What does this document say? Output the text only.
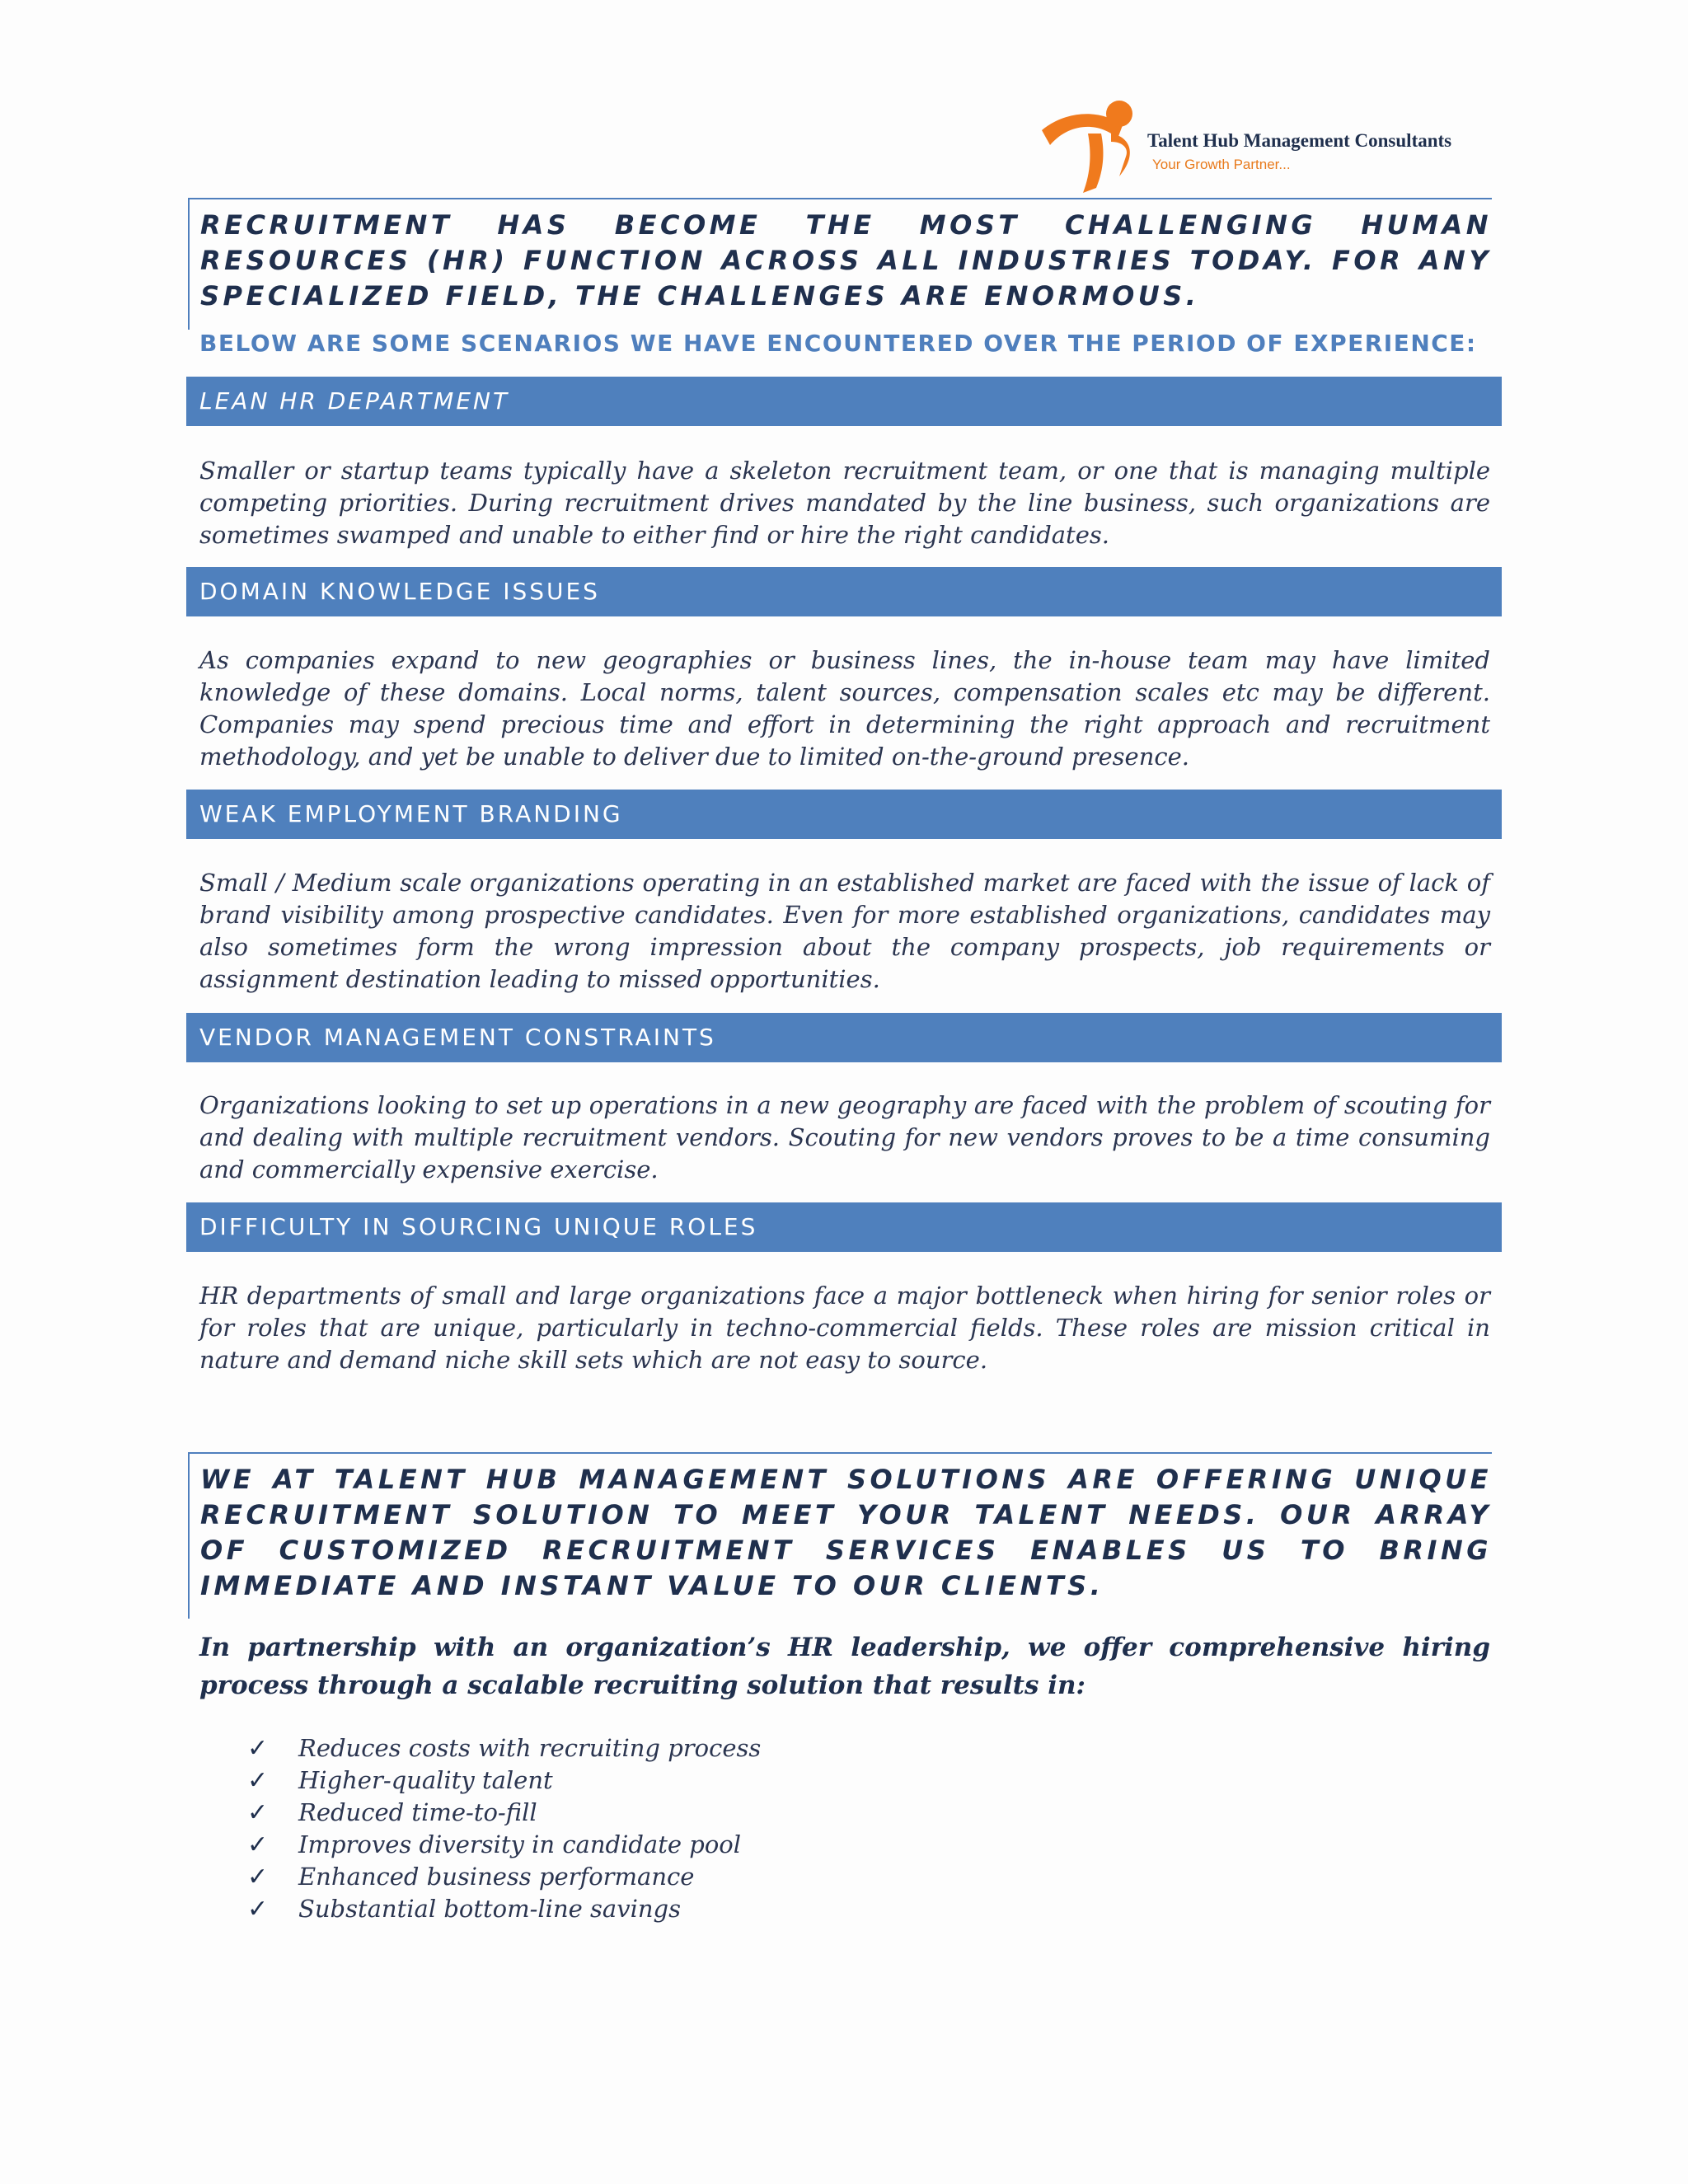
Talent Hub Management Consultants
Your Growth Partner...

RECRUITMENT HAS BECOME THE MOST CHALLENGING HUMAN RESOURCES (HR) FUNCTION ACROSS ALL INDUSTRIES TODAY. FOR ANY SPECIALIZED FIELD, THE CHALLENGES ARE ENORMOUS.

BELOW ARE SOME SCENARIOS WE HAVE ENCOUNTERED OVER THE PERIOD OF EXPERIENCE:
LEAN HR DEPARTMENT

Smaller or startup teams typically have a skeleton recruitment team, or one that is managing multiple competing priorities. During recruitment drives mandated by the line business, such organizations are sometimes swamped and unable to either find or hire the right candidates.

DOMAIN KNOWLEDGE ISSUES

As companies expand to new geographies or business lines, the in-house team may have limited knowledge of these domains. Local norms, talent sources, compensation scales etc may be different. Companies may spend precious time and effort in determining the right approach and recruitment methodology, and yet be unable to deliver due to limited on-the-ground presence.

WEAK EMPLOYMENT BRANDING

Small / Medium scale organizations operating in an established market are faced with the issue of lack of brand visibility among prospective candidates. Even for more established organizations, candidates may also sometimes form the wrong impression about the company prospects, job requirements or assignment destination leading to missed opportunities.

VENDOR MANAGEMENT CONSTRAINTS

Organizations looking to set up operations in a new geography are faced with the problem of scouting for and dealing with multiple recruitment vendors. Scouting for new vendors proves to be a time consuming and commercially expensive exercise.

DIFFICULTY IN SOURCING UNIQUE ROLES

HR departments of small and large organizations face a major bottleneck when hiring for senior roles or for roles that are unique, particularly in techno-commercial fields. These roles are mission critical in nature and demand niche skill sets which are not easy to source.

WE AT TALENT HUB MANAGEMENT SOLUTIONS ARE OFFERING UNIQUE RECRUITMENT SOLUTION TO MEET YOUR TALENT NEEDS. OUR ARRAY OF CUSTOMIZED RECRUITMENT SERVICES ENABLES US TO BRING IMMEDIATE AND INSTANT VALUE TO OUR CLIENTS.

In partnership with an organization’s HR leadership, we offer comprehensive hiring process through a scalable recruiting solution that results in:

✓ Reduces costs with recruiting process
✓ Higher-quality talent
✓ Reduced time-to-fill
✓ Improves diversity in candidate pool
✓ Enhanced business performance
✓ Substantial bottom-line savings
